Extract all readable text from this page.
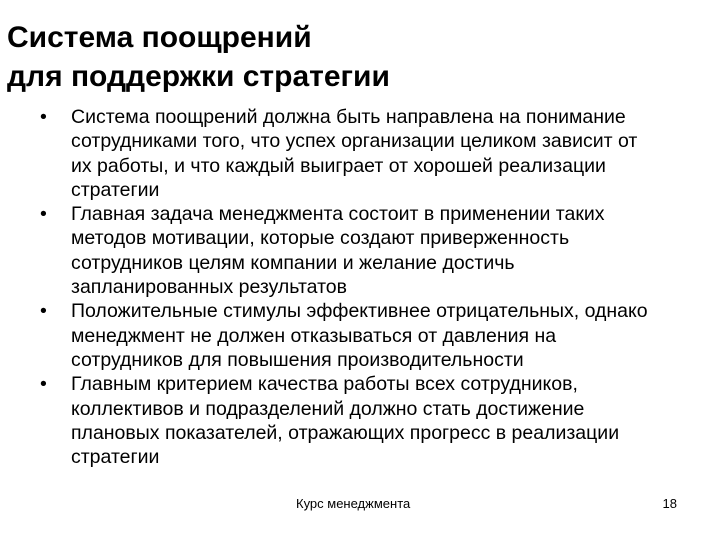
Система поощрений
для поддержки стратегии
•	Система поощрений должна быть направлена на понимание
сотрудниками того, что успех организации целиком зависит от
их работы, и что каждый выиграет от хорошей реализации
стратегии
•	Главная задача менеджмента состоит в применении таких
методов мотивации, которые создают приверженность
сотрудников целям компании и желание достичь
запланированных результатов
•	Положительные стимулы эффективнее отрицательных, однако
менеджмент не должен отказываться от давления на
сотрудников для повышения производительности
•	Главным критерием качества работы всех сотрудников,
коллективов и подразделений должно стать достижение
плановых показателей, отражающих прогресс в реализации
стратегии
Курс менеджмента	18
